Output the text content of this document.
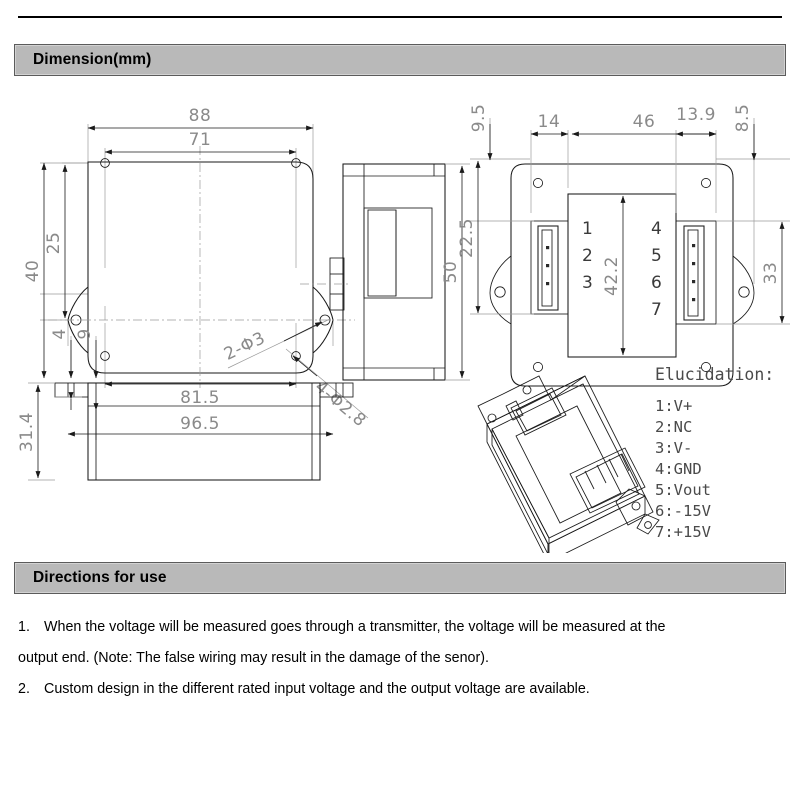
Dimension(mm)
88
71
81.5
96.5
40
25
2-Φ3
4-Φ2.8
50
1
2
3
4
5
6
7
9.5	14	46 13.9 8.5
22.5
42.2	33
31.4
4 9
Elucidation:
1:V+
2:NC
3:V-
4:GND
5:Vout
6:-15V
7:+15V
Directions for use
1. When the voltage will be measured goes through a transmitter, the voltage will be measured at the
output end. (Note: The false wiring may result in the damage of the senor).
2. Custom design in the different rated input voltage and the output voltage are available.
